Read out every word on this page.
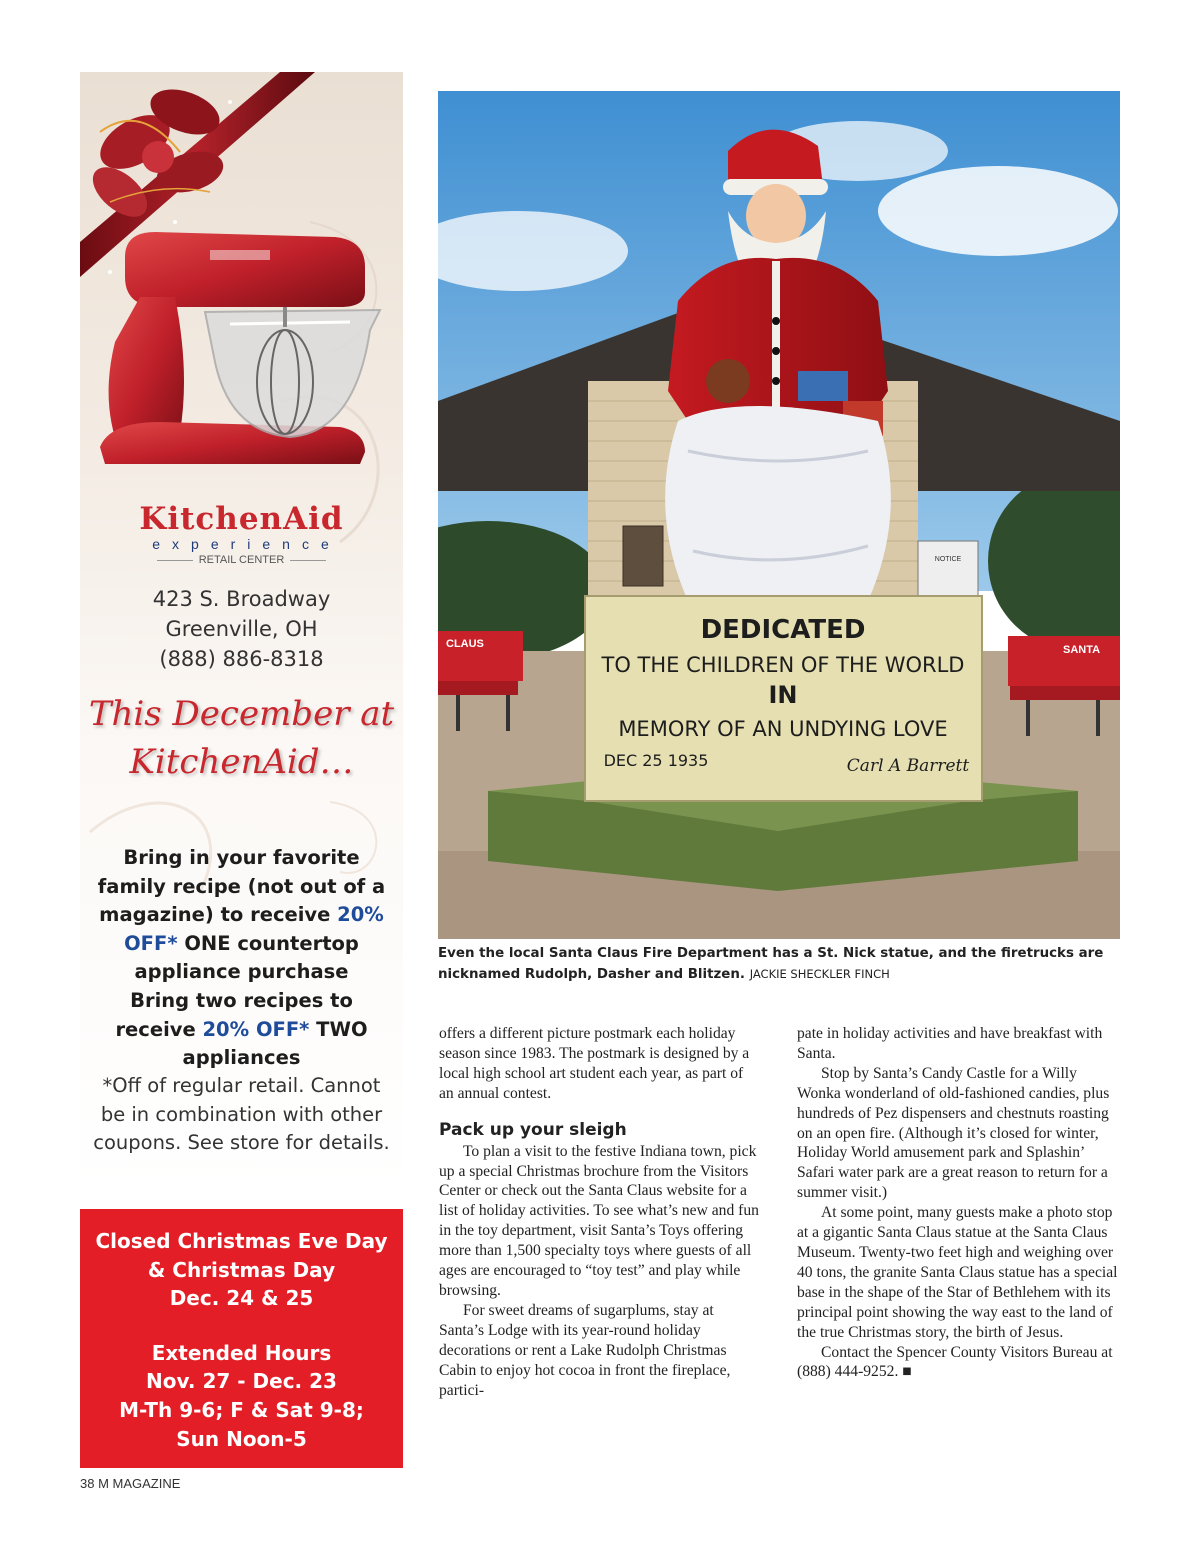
KitchenAid
experience
RETAIL CENTER
423 S. Broadway
Greenville, OH
(888) 886-8318
This December at
KitchenAid…
Bring in your favorite family recipe (not out of a magazine) to receive 20% OFF* ONE countertop appliance purchase
Bring two recipes to receive 20% OFF* TWO appliances
*Off of regular retail. Cannot be in combination with other coupons. See store for details.
Closed Christmas Eve Day
& Christmas Day
Dec. 24 & 25
Extended Hours
Nov. 27 - Dec. 23
M-Th 9-6; F & Sat 9-8;
Sun Noon-5
38 M MAGAZINE
NOTICE
CLAUS	SANTA
DEDICATED
TO THE CHILDREN OF THE WORLD
IN
MEMORY OF AN UNDYING LOVE
DEC 25 1935	Carl A Barrett
Even the local Santa Claus Fire Department has a St. Nick statue, and the firetrucks are nicknamed Rudolph, Dasher and Blitzen. JACKIE SHECKLER FINCH

offers a different picture postmark each holiday season since 1983. The postmark is designed by a local high school art student each year, as part of an annual contest.

Pack up your sleigh

To plan a visit to the festive Indiana town, pick up a special Christmas brochure from the Visitors Center or check out the Santa Claus website for a list of holiday activities. To see what’s new and fun in the toy department, visit Santa’s Toys offering more than 1,500 specialty toys where guests of all ages are encouraged to “toy test” and play while browsing.

For sweet dreams of sugarplums, stay at Santa’s Lodge with its year-round holiday decorations or rent a Lake Rudolph Christmas Cabin to enjoy hot cocoa in front the fireplace, partici-

pate in holiday activities and have breakfast with Santa.

Stop by Santa’s Candy Castle for a Willy Wonka wonderland of old-fashioned candies, plus hundreds of Pez dispensers and chestnuts roasting on an open fire. (Although it’s closed for winter, Holiday World amusement park and Splashin’ Safari water park are a great reason to return for a summer visit.)

At some point, many guests make a photo stop at a gigantic Santa Claus statue at the Santa Claus Museum. Twenty-two feet high and weighing over 40 tons, the granite Santa Claus statue has a special base in the shape of the Star of Bethlehem with its principal point showing the way east to the land of the true Christmas story, the birth of Jesus.

Contact the Spencer County Visitors Bureau at (888) 444-9252. ■
